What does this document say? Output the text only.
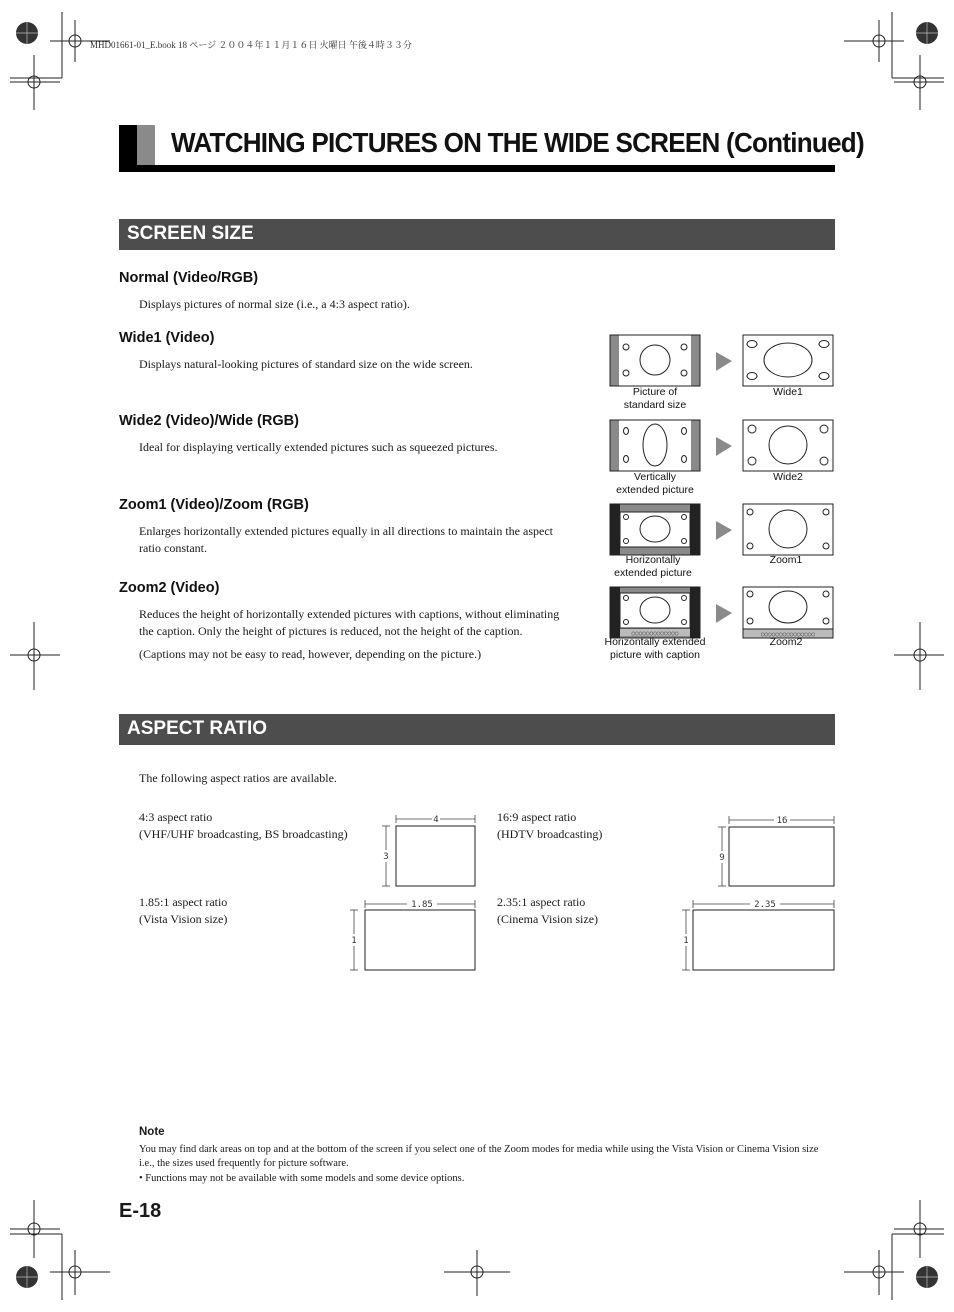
MHD01661-01_E.book 18 ページ ２００４年１１月１６日 火曜日 午後４時３３分
WATCHING PICTURES ON THE WIDE SCREEN (Continued)
SCREEN SIZE
Normal (Video/RGB)
Displays pictures of normal size (i.e., a 4:3 aspect ratio).
Wide1 (Video)
Displays natural-looking pictures of standard size on the wide screen.
Wide2 (Video)/Wide (RGB)
Ideal for displaying vertically extended pictures such as squeezed pictures.
Zoom1 (Video)/Zoom (RGB)
Enlarges horizontally extended pictures equally in all directions to maintain the aspect
ratio constant.
Zoom2 (Video)
Reduces the height of horizontally extended pictures with captions, without eliminating
the caption. Only the height of pictures is reduced, not the height of the caption.
(Captions may not be easy to read, however, depending on the picture.)
Picture of
standard size
Wide1
Vertically
extended picture
Wide2
Horizontally
extended picture
Zoom1
○○○○○○○○○○○○○	○○○○○○○○○○○○○○○
Horizontally extended
picture with caption
Zoom2
ASPECT RATIO
The following aspect ratios are available.
4:3 aspect ratio
(VHF/UHF broadcasting, BS broadcasting)
4
3
16:9 aspect ratio
(HDTV broadcasting)
16
9
1.85:1 aspect ratio
(Vista Vision size)
1.85
1
2.35:1 aspect ratio
(Cinema Vision size)
2.35
1
Note
You may find dark areas on top and at the bottom of the screen if you select one of the Zoom modes for media while using the Vista Vision or Cinema Vision size i.e., the sizes used frequently for picture software.
• Functions may not be available with some models and some device options.
E-18
